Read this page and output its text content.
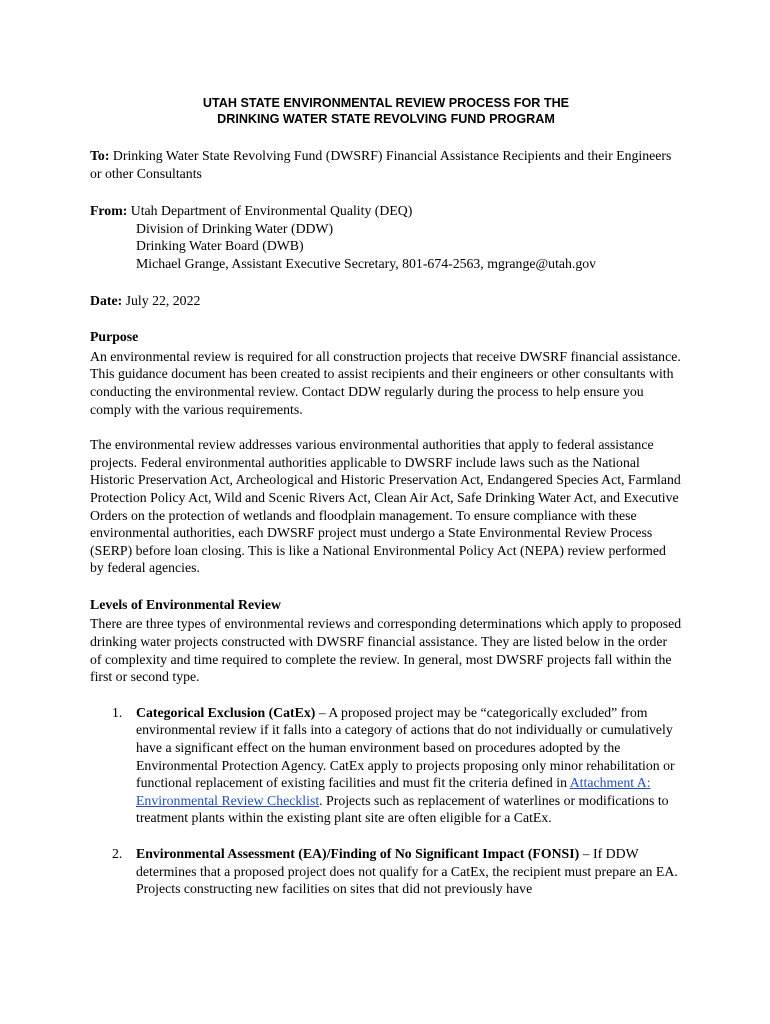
UTAH STATE ENVIRONMENTAL REVIEW PROCESS FOR THE
DRINKING WATER STATE REVOLVING FUND PROGRAM

To: Drinking Water State Revolving Fund (DWSRF) Financial Assistance Recipients and their Engineers or other Consultants

From: Utah Department of Environmental Quality (DEQ)

Division of Drinking Water (DDW)

Drinking Water Board (DWB)

Michael Grange, Assistant Executive Secretary, 801-674-2563, mgrange@utah.gov

Date: July 22, 2022

Purpose

An environmental review is required for all construction projects that receive DWSRF financial assistance. This guidance document has been created to assist recipients and their engineers or other consultants with conducting the environmental review. Contact DDW regularly during the process to help ensure you comply with the various requirements.

The environmental review addresses various environmental authorities that apply to federal assistance projects. Federal environmental authorities applicable to DWSRF include laws such as the National Historic Preservation Act, Archeological and Historic Preservation Act, Endangered Species Act, Farmland Protection Policy Act, Wild and Scenic Rivers Act, Clean Air Act, Safe Drinking Water Act, and Executive Orders on the protection of wetlands and floodplain management. To ensure compliance with these environmental authorities, each DWSRF project must undergo a State Environmental Review Process (SERP) before loan closing. This is like a National Environmental Policy Act (NEPA) review performed by federal agencies.

Levels of Environmental Review

There are three types of environmental reviews and corresponding determinations which apply to proposed drinking water projects constructed with DWSRF financial assistance. They are listed below in the order of complexity and time required to complete the review. In general, most DWSRF projects fall within the first or second type.

1. Categorical Exclusion (CatEx) – A proposed project may be “categorically excluded” from environmental review if it falls into a category of actions that do not individually or cumulatively have a significant effect on the human environment based on procedures adopted by the Environmental Protection Agency. CatEx apply to projects proposing only minor rehabilitation or functional replacement of existing facilities and must fit the criteria defined in Attachment A: Environmental Review Checklist. Projects such as replacement of waterlines or modifications to treatment plants within the existing plant site are often eligible for a CatEx.
2. Environmental Assessment (EA)/Finding of No Significant Impact (FONSI) – If DDW determines that a proposed project does not qualify for a CatEx, the recipient must prepare an EA. Projects constructing new facilities on sites that did not previously have
